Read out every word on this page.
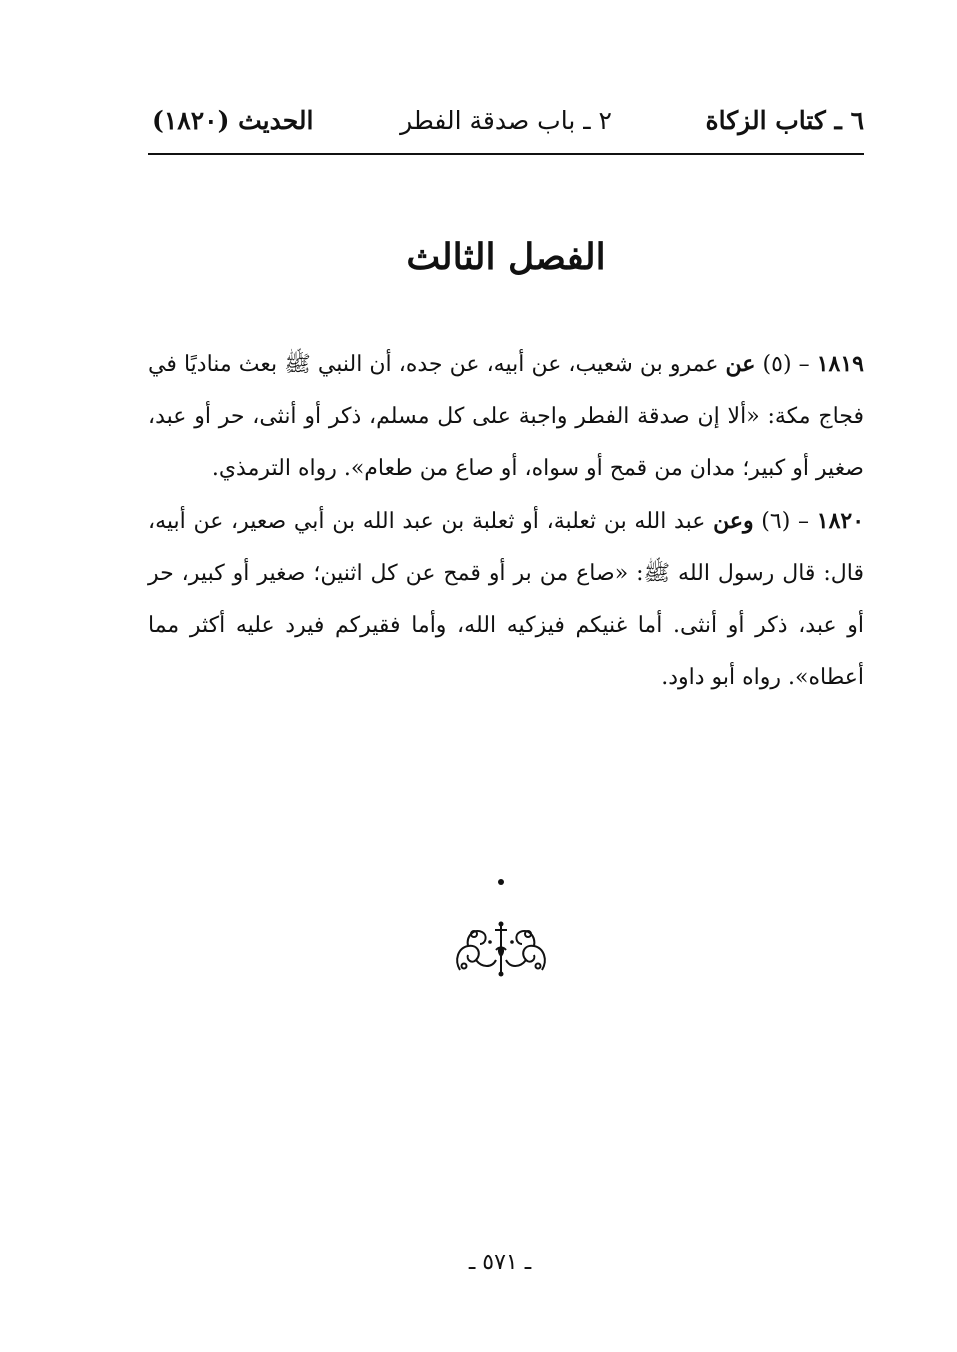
٦ ـ كتاب الزكاة
٢ ـ باب صدقة الفطر
الحديث (١٨٢٠)
الفصل الثالث

١٨١٩ – (٥) عن عمرو بن شعيب، عن أبيه، عن جده، أن النبي ﷺ بعث مناديًا في فجاج مكة: «ألا إن صدقة الفطر واجبة على كل مسلم، ذكر أو أنثى، حر أو عبد، صغير أو كبير؛ مدان من قمح أو سواه، أو صاع من طعام». رواه الترمذي.

١٨٢٠ – (٦) وعن عبد الله بن ثعلبة، أو ثعلبة بن عبد الله بن أبي صعير، عن أبيه، قال: قال رسول الله ﷺ: «صاع من بر أو قمح عن كل اثنين؛ صغير أو كبير، حر أو عبد، ذكر أو أنثى. أما غنيكم فيزكيه الله، وأما فقيركم فيرد عليه أكثر مما أعطاه». رواه أبو داود.

ـ ٥٧١ ـ
